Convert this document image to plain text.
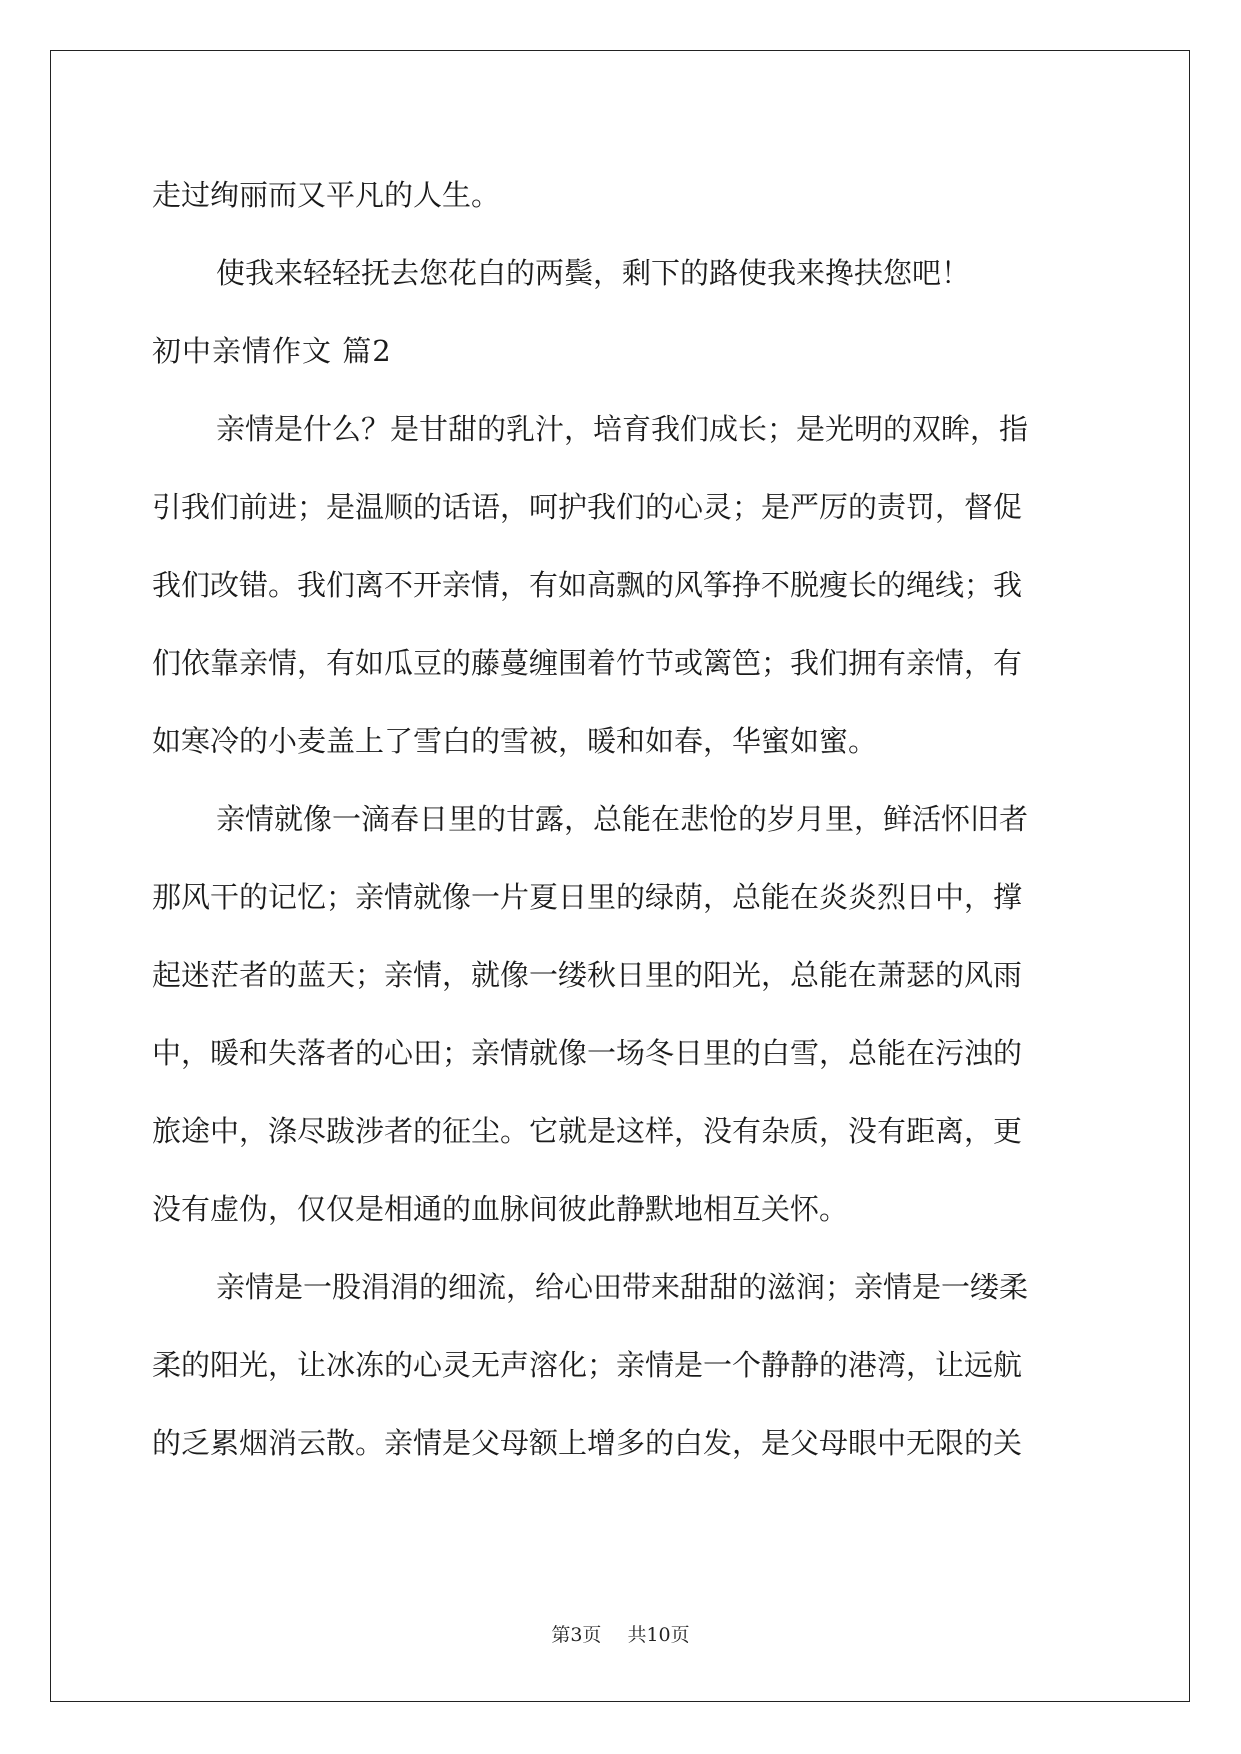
走过绚丽而又平凡的人生。
使我来轻轻抚去您花白的两鬓，剩下的路使我来搀扶您吧！
初中亲情作文 篇2
亲情是什么？是甘甜的乳汁，培育我们成长；是光明的双眸，指
引我们前进；是温顺的话语，呵护我们的心灵；是严厉的责罚，督促
我们改错。我们离不开亲情，有如高飘的风筝挣不脱瘦长的绳线；我
们依靠亲情，有如瓜豆的藤蔓缠围着竹节或篱笆；我们拥有亲情，有
如寒冷的小麦盖上了雪白的雪被，暖和如春，华蜜如蜜。
亲情就像一滴春日里的甘露，总能在悲怆的岁月里，鲜活怀旧者
那风干的记忆；亲情就像一片夏日里的绿荫，总能在炎炎烈日中，撑
起迷茫者的蓝天；亲情，就像一缕秋日里的阳光，总能在萧瑟的风雨
中，暖和失落者的心田；亲情就像一场冬日里的白雪，总能在污浊的
旅途中，涤尽跋涉者的征尘。它就是这样，没有杂质，没有距离，更
没有虚伪，仅仅是相通的血脉间彼此静默地相互关怀。
亲情是一股涓涓的细流，给心田带来甜甜的滋润；亲情是一缕柔
柔的阳光，让冰冻的心灵无声溶化；亲情是一个静静的港湾，让远航
的乏累烟消云散。亲情是父母额上增多的白发，是父母眼中无限的关
第3页 共10页
